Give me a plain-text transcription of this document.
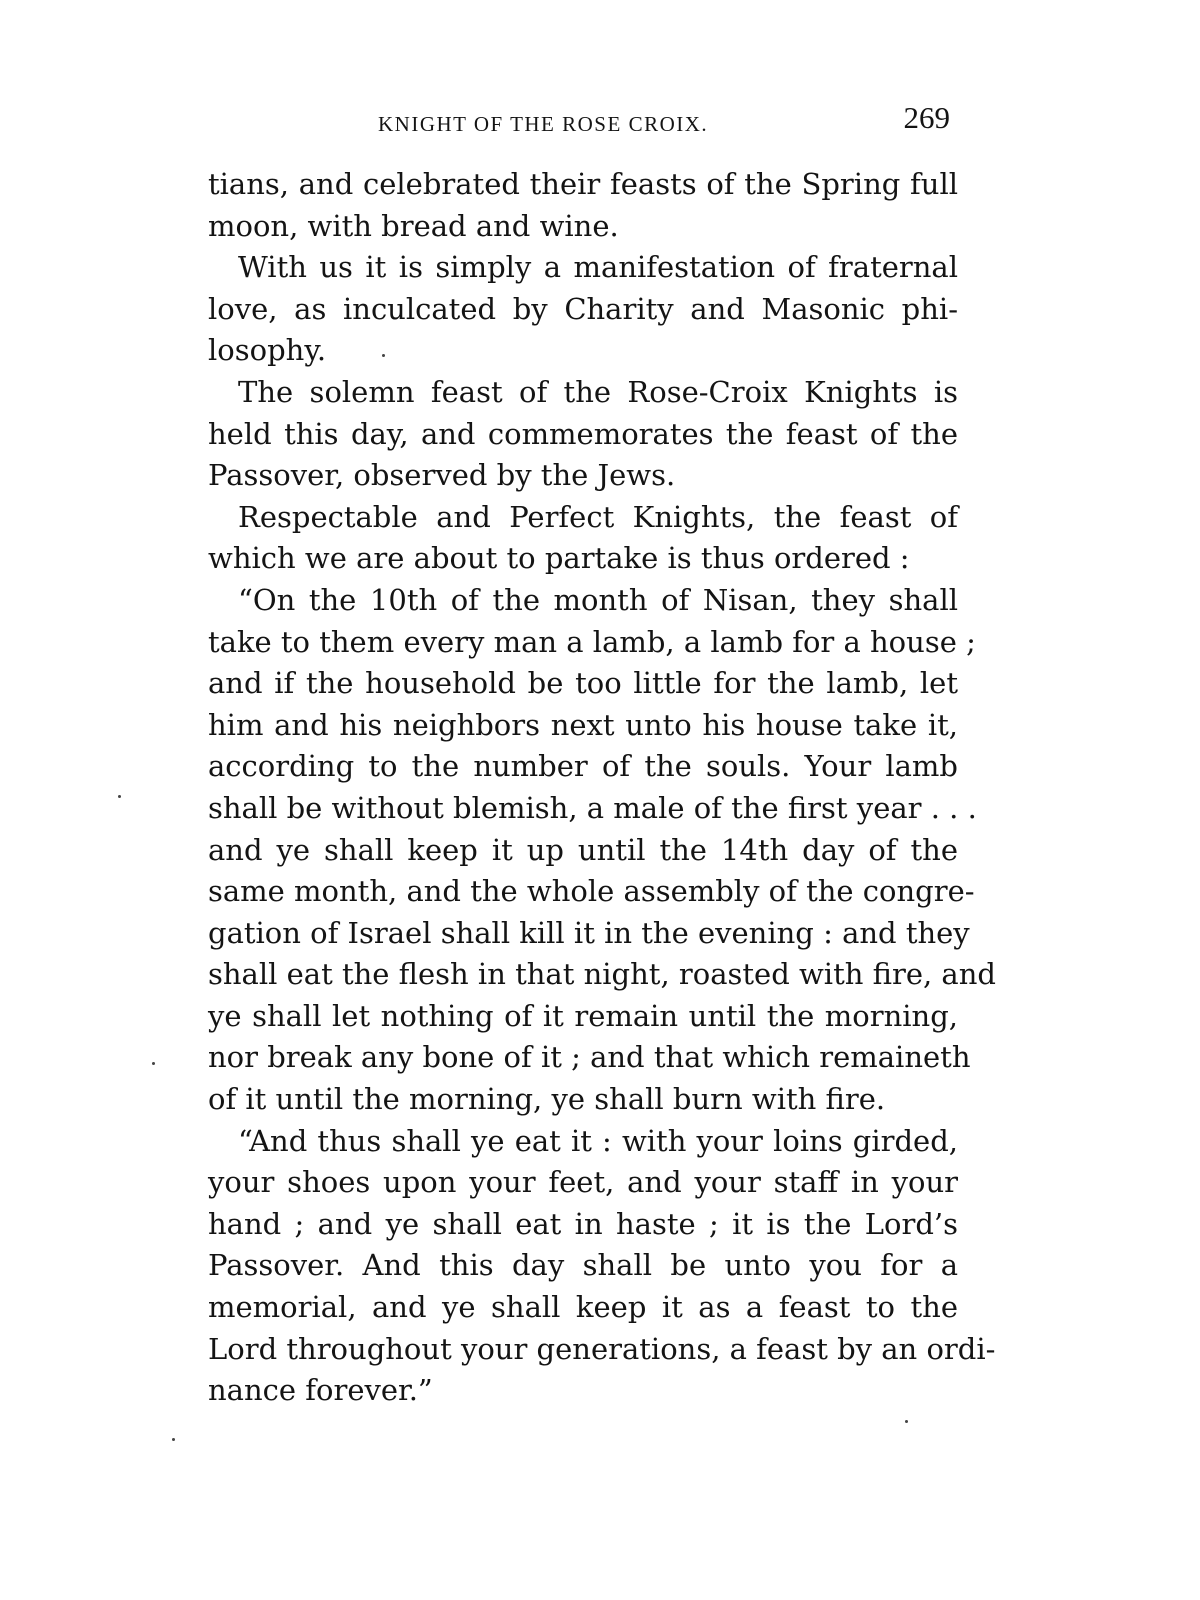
KNIGHT OF THE ROSE CROIX.	269
tians, and celebrated their feasts of the Spring full
moon, with bread and wine.
With us it is simply a manifestation of fraternal
love, as inculcated by Charity and Masonic phi-
losophy.
The solemn feast of the Rose-Croix Knights is
held this day, and commemorates the feast of the
Passover, observed by the Jews.
Respectable and Perfect Knights, the feast of
which we are about to partake is thus ordered :
“On the 10th of the month of Nisan, they shall
take to them every man a lamb, a lamb for a house ;
and if the household be too little for the lamb, let
him and his neighbors next unto his house take it,
according to the number of the souls. Your lamb
shall be without blemish, a male of the first year . . .
and ye shall keep it up until the 14th day of the
same month, and the whole assembly of the congre-
gation of Israel shall kill it in the evening : and they
shall eat the flesh in that night, roasted with fire, and
ye shall let nothing of it remain until the morning,
nor break any bone of it ; and that which remaineth
of it until the morning, ye shall burn with fire.
“And thus shall ye eat it : with your loins girded,
your shoes upon your feet, and your staff in your
hand ; and ye shall eat in haste ; it is the Lord’s
Passover. And this day shall be unto you for a
memorial, and ye shall keep it as a feast to the
Lord throughout your generations, a feast by an ordi-
nance forever.”
